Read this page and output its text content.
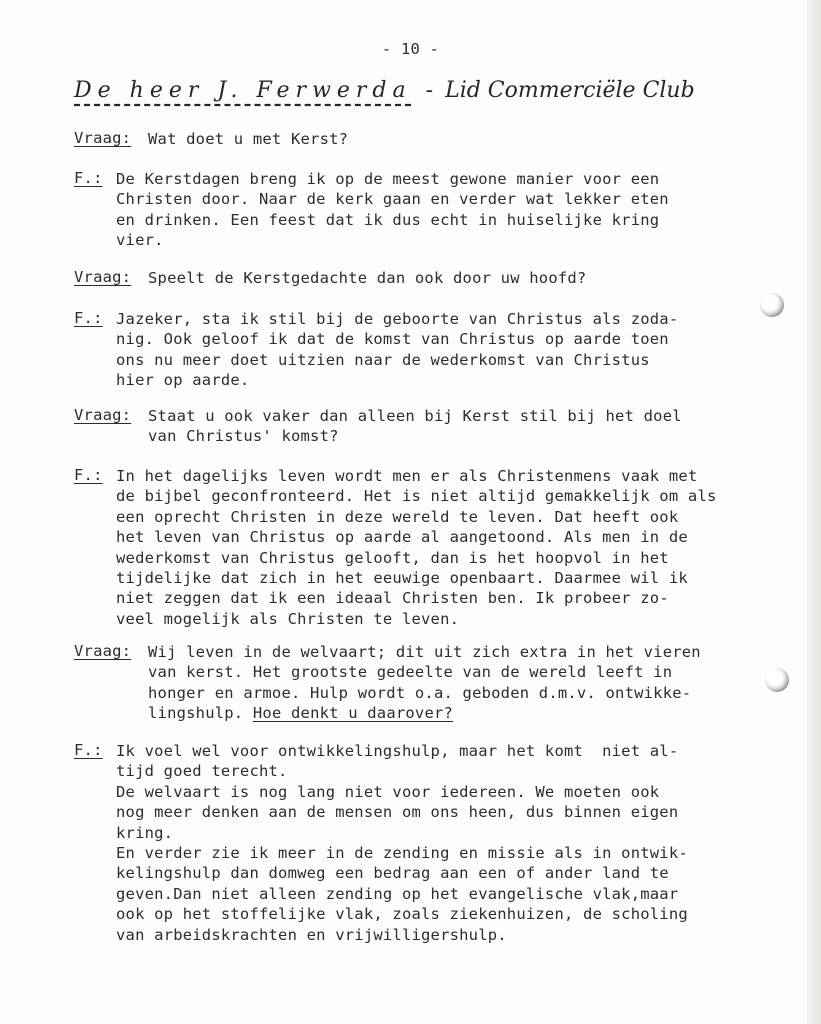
- 10 -
De heer J. Ferwerda - Lid Commerciële Club
Vraag:	Wat doet u met Kerst?
F.: De Kerstdagen breng ik op de meest gewone manier voor een
Christen door. Naar de kerk gaan en verder wat lekker eten
en drinken. Een feest dat ik dus echt in huiselijke kring
vier.
Vraag:	Speelt de Kerstgedachte dan ook door uw hoofd?
F.: Jazeker, sta ik stil bij de geboorte van Christus als zoda-
nig. Ook geloof ik dat de komst van Christus op aarde toen
ons nu meer doet uitzien naar de wederkomst van Christus
hier op aarde.
Vraag:	Staat u ook vaker dan alleen bij Kerst stil bij het doel
van Christus' komst?
F.: In het dagelijks leven wordt men er als Christenmens vaak met
de bijbel geconfronteerd. Het is niet altijd gemakkelijk om als
een oprecht Christen in deze wereld te leven. Dat heeft ook
het leven van Christus op aarde al aangetoond. Als men in de
wederkomst van Christus gelooft, dan is het hoopvol in het
tijdelijke dat zich in het eeuwige openbaart. Daarmee wil ik
niet zeggen dat ik een ideaal Christen ben. Ik probeer zo-
veel mogelijk als Christen te leven.
Vraag:	Wij leven in de welvaart; dit uit zich extra in het vieren
van kerst. Het grootste gedeelte van de wereld leeft in
honger en armoe. Hulp wordt o.a. geboden d.m.v. ontwikke-
lingshulp. Hoe denkt u daarover?
F.: Ik voel wel voor ontwikkelingshulp, maar het komt  niet al-
tijd goed terecht.
De welvaart is nog lang niet voor iedereen. We moeten ook
nog meer denken aan de mensen om ons heen, dus binnen eigen
kring.
En verder zie ik meer in de zending en missie als in ontwik-
kelingshulp dan domweg een bedrag aan een of ander land te
geven.Dan niet alleen zending op het evangelische vlak,maar
ook op het stoffelijke vlak, zoals ziekenhuizen, de scholing
van arbeidskrachten en vrijwilligershulp.
